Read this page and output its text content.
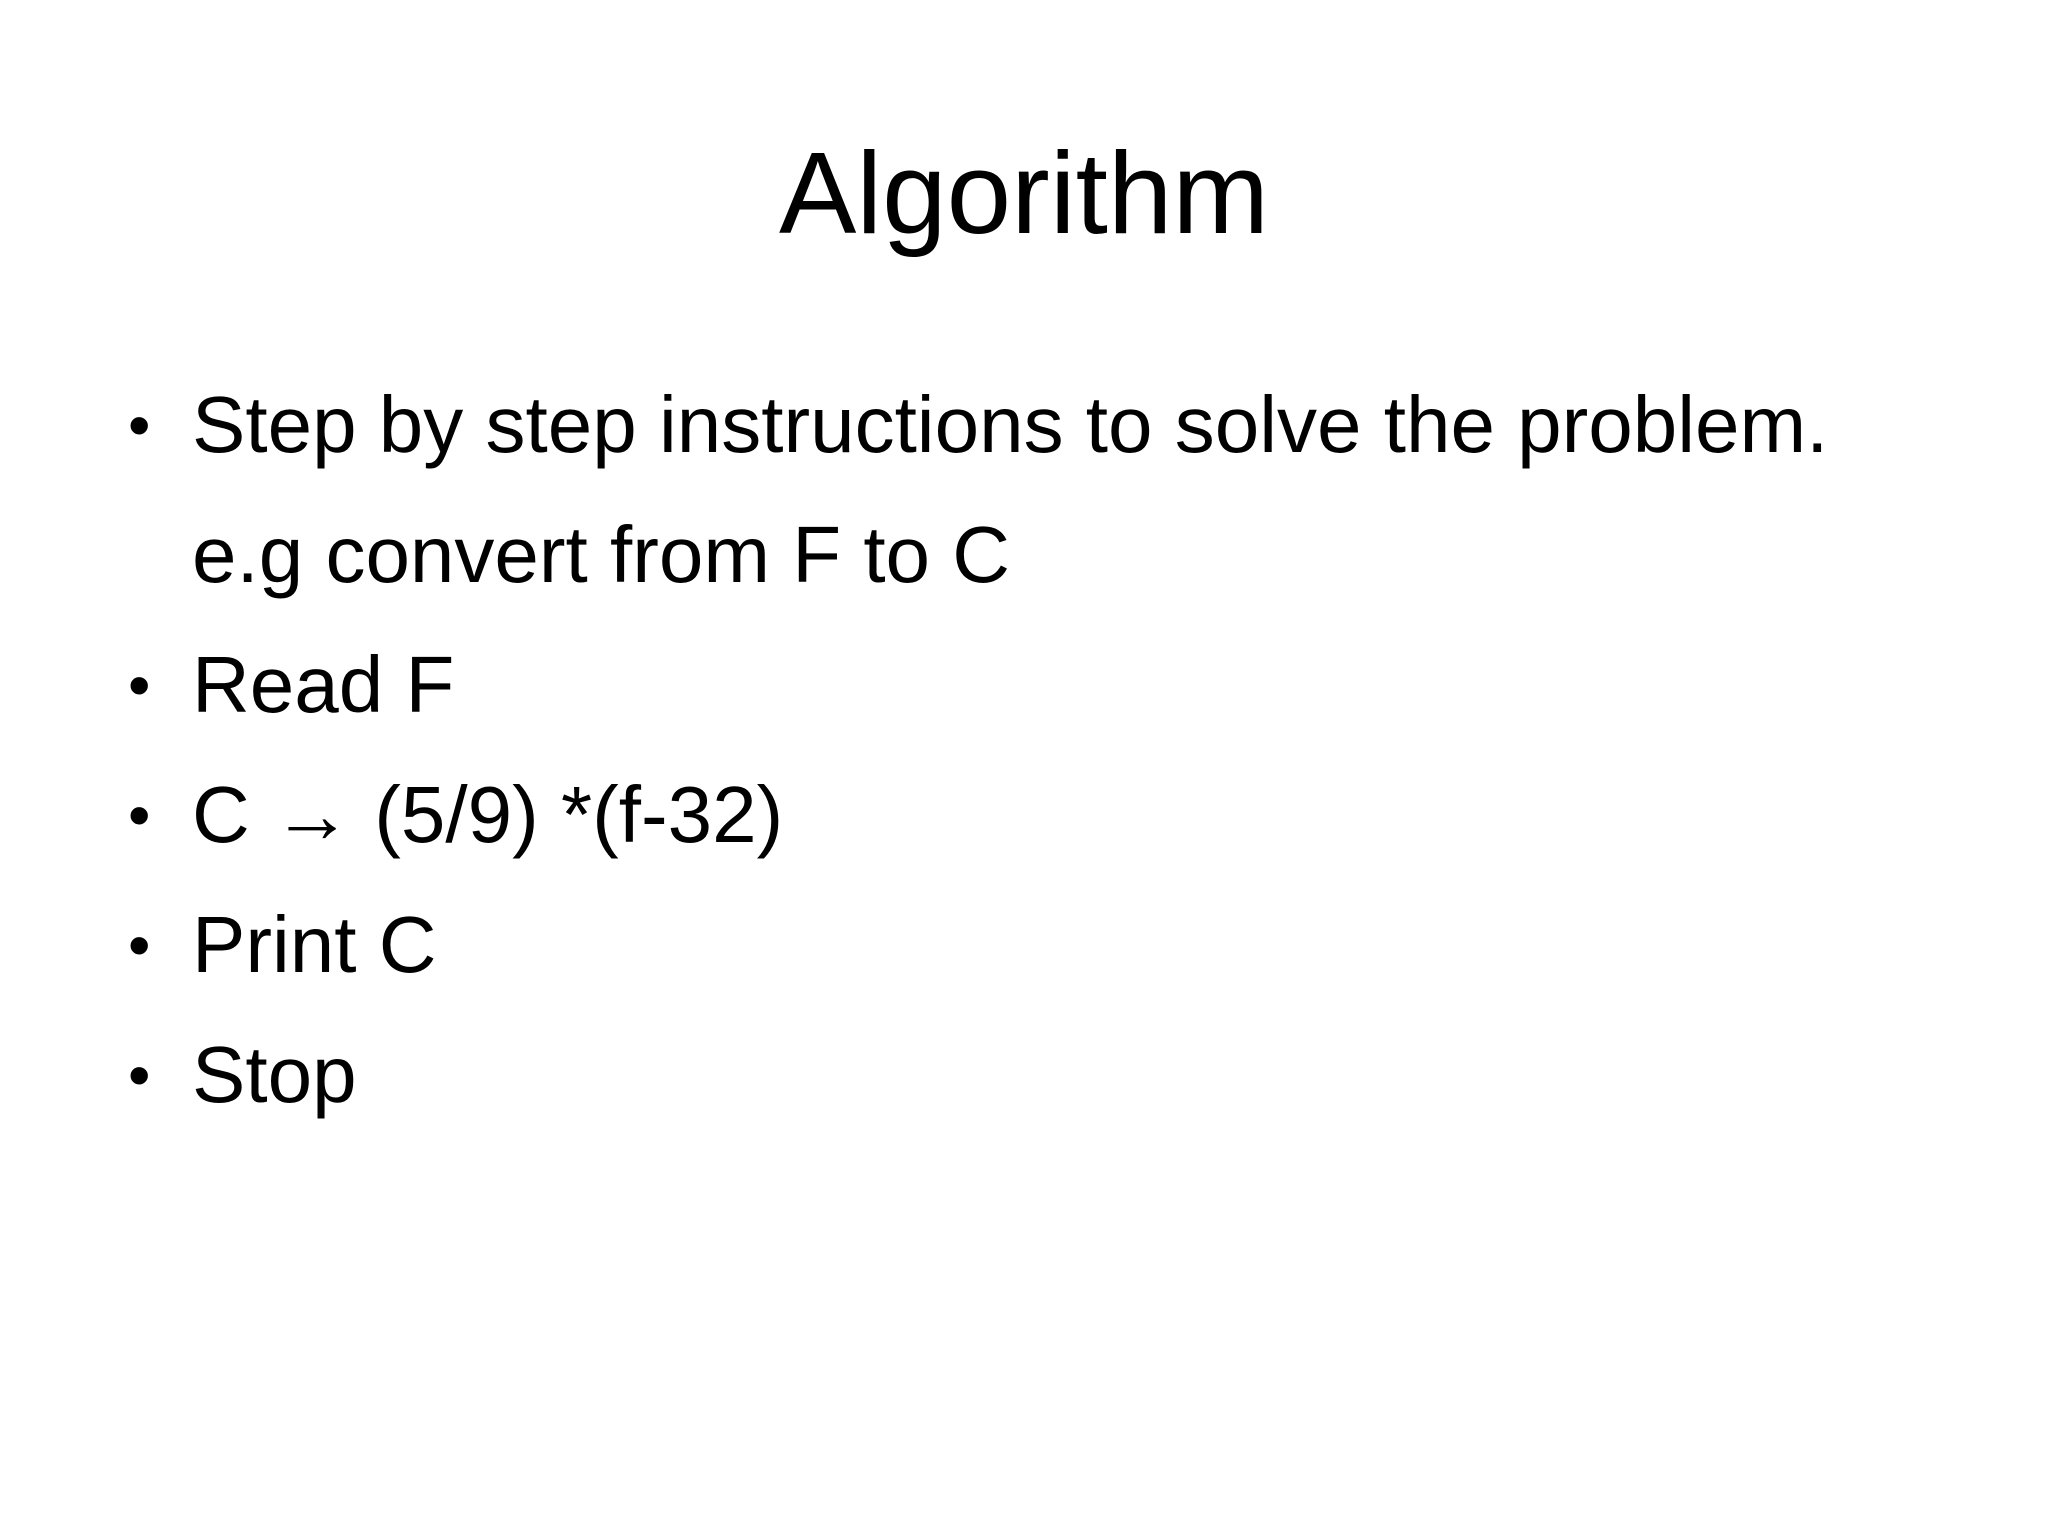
Algorithm
• Step by step instructions to solve the problem.
e.g convert from F to C
• Read F
• C → (5/9) *(f-32)
• Print C
• Stop
